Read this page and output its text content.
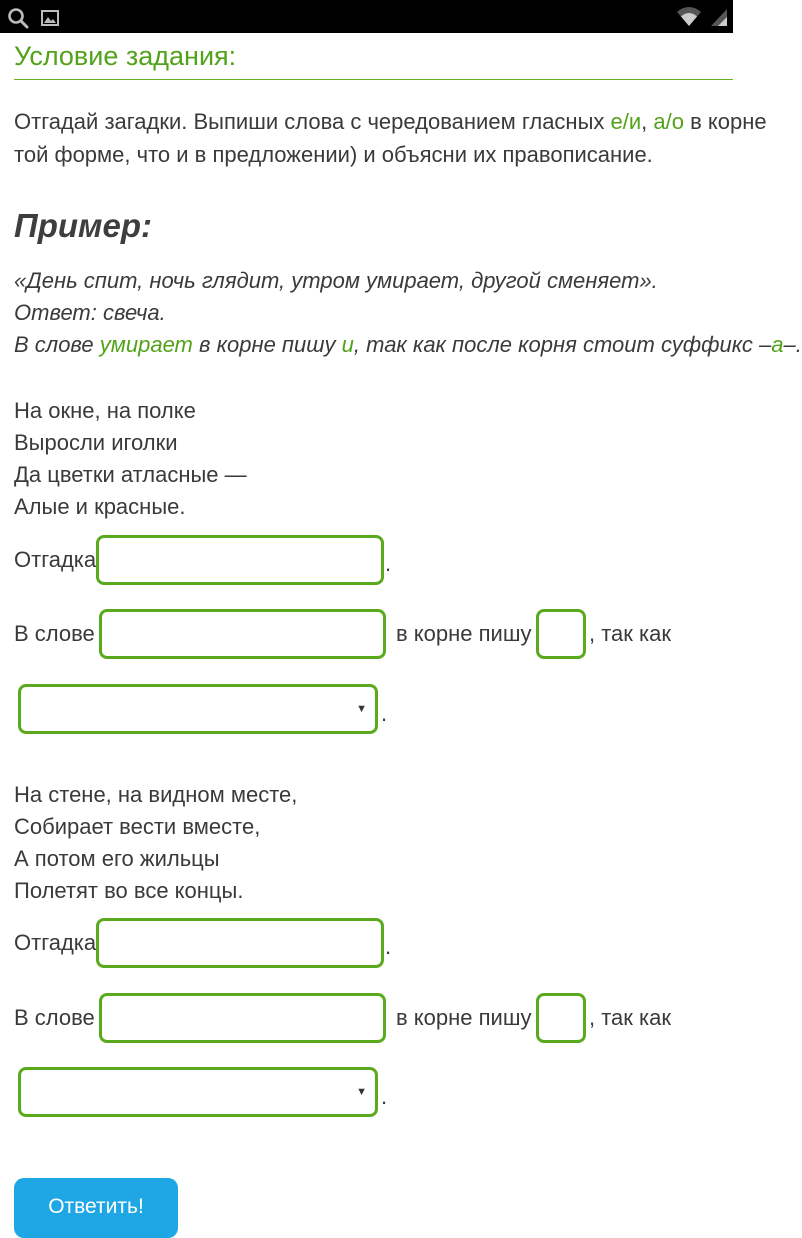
Условие задания:
Отгадай загадки. Выпиши слова с чередованием гласных е/и, а/о в корне
той форме, что и в предложении) и объясни их правописание.
Пример:
«День спит, ночь глядит, утром умирает, другой сменяет».
Ответ: свеча.
В слове умирает в корне пишу и, так как после корня стоит суффикс –а–.
На окне, на полке
Выросли иголки
Да цветки атласные —
Алые и красные.
Отгадка	.
В слове	в корне пишу	, так как
▼ .
На стене, на видном месте,
Собирает вести вместе,
А потом его жильцы
Полетят во все концы.
Отгадка	.
В слове	в корне пишу	, так как
▼ .
Ответить!
